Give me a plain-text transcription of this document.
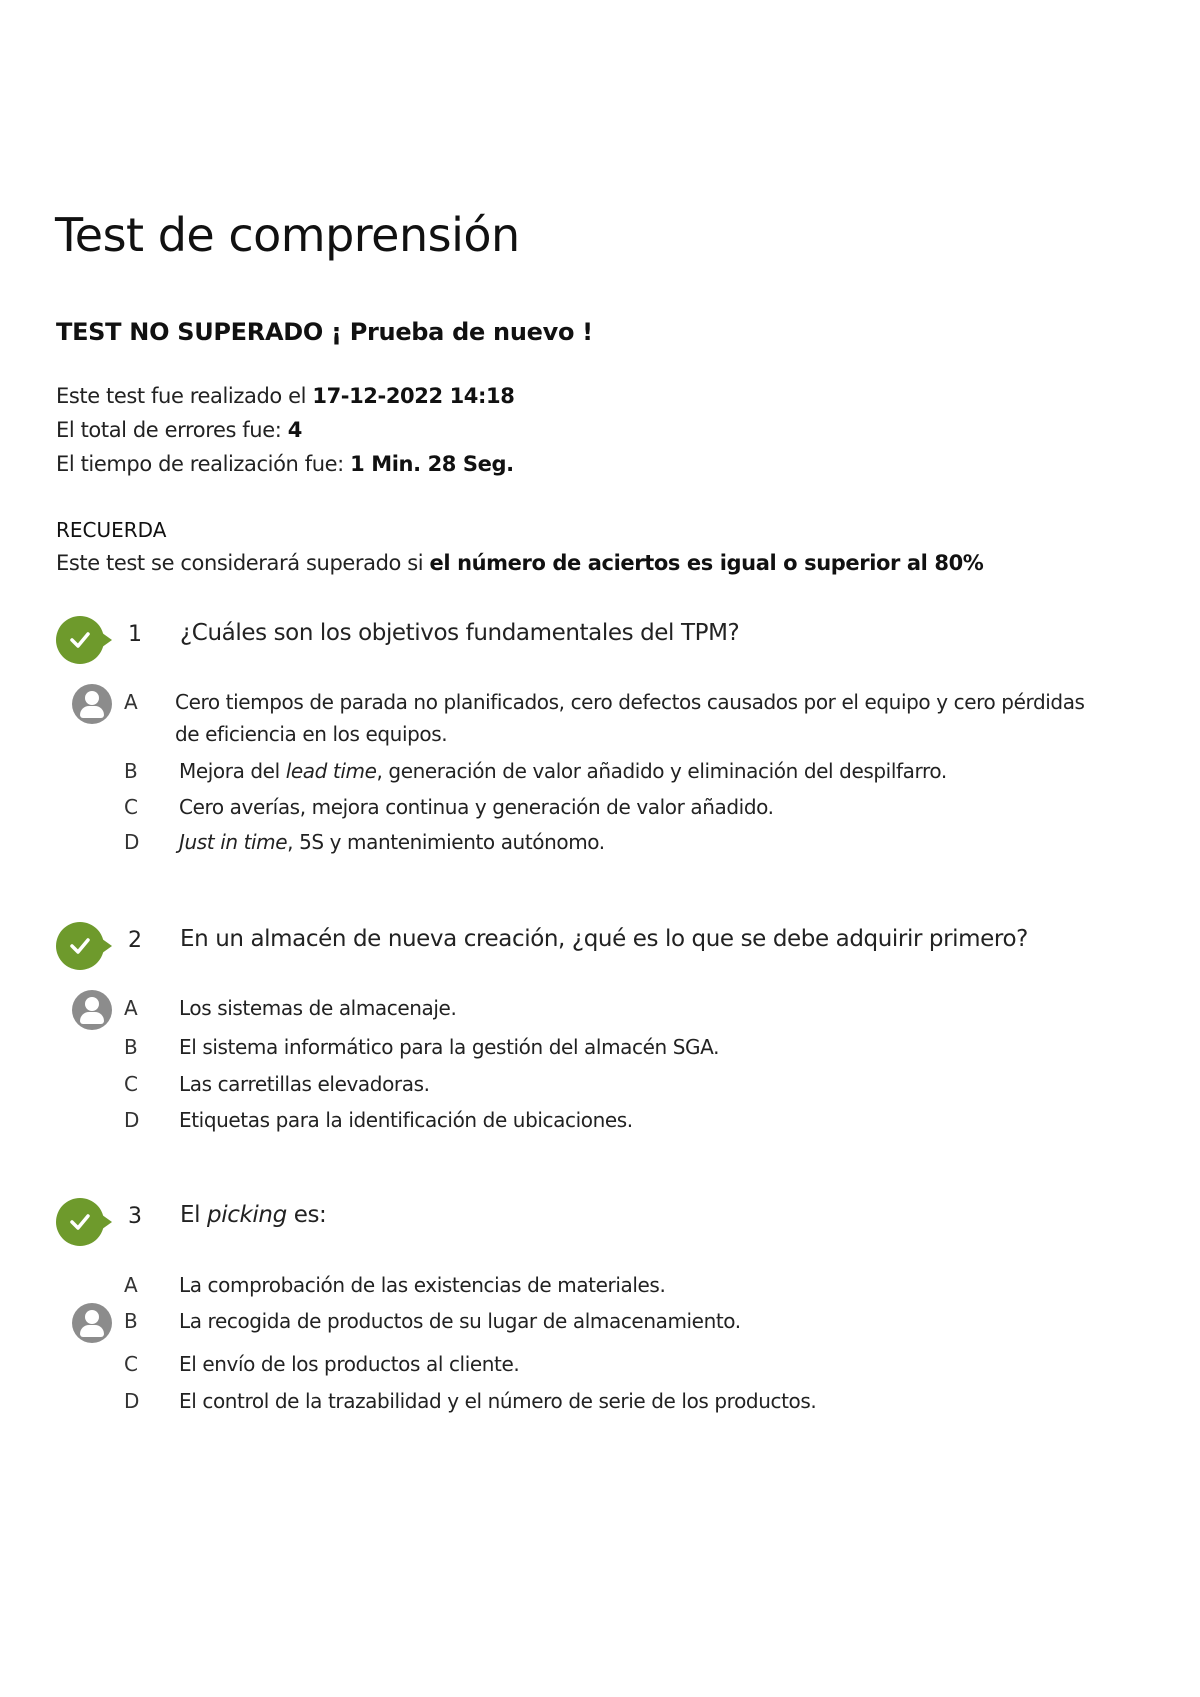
Test de comprensión
TEST NO SUPERADO ¡ Prueba de nuevo !
Este test fue realizado el 17-12-2022 14:18
El total de errores fue: 4
El tiempo de realización fue: 1 Min. 28 Seg.
RECUERDA
Este test se considerará superado si el número de aciertos es igual o superior al 80%
1 ¿Cuáles son los objetivos fundamentales del TPM?
A Cero tiempos de parada no planificados, cero defectos causados por el equipo y cero pérdidas de eficiencia en los equipos.
B Mejora del lead time, generación de valor añadido y eliminación del despilfarro.
C Cero averías, mejora continua y generación de valor añadido.
D Just in time, 5S y mantenimiento autónomo.
2 En un almacén de nueva creación, ¿qué es lo que se debe adquirir primero?
A Los sistemas de almacenaje.
B El sistema informático para la gestión del almacén SGA.
C Las carretillas elevadoras.
D Etiquetas para la identificación de ubicaciones.
3 El picking es:
A La comprobación de las existencias de materiales.
B La recogida de productos de su lugar de almacenamiento.
C El envío de los productos al cliente.
D El control de la trazabilidad y el número de serie de los productos.
